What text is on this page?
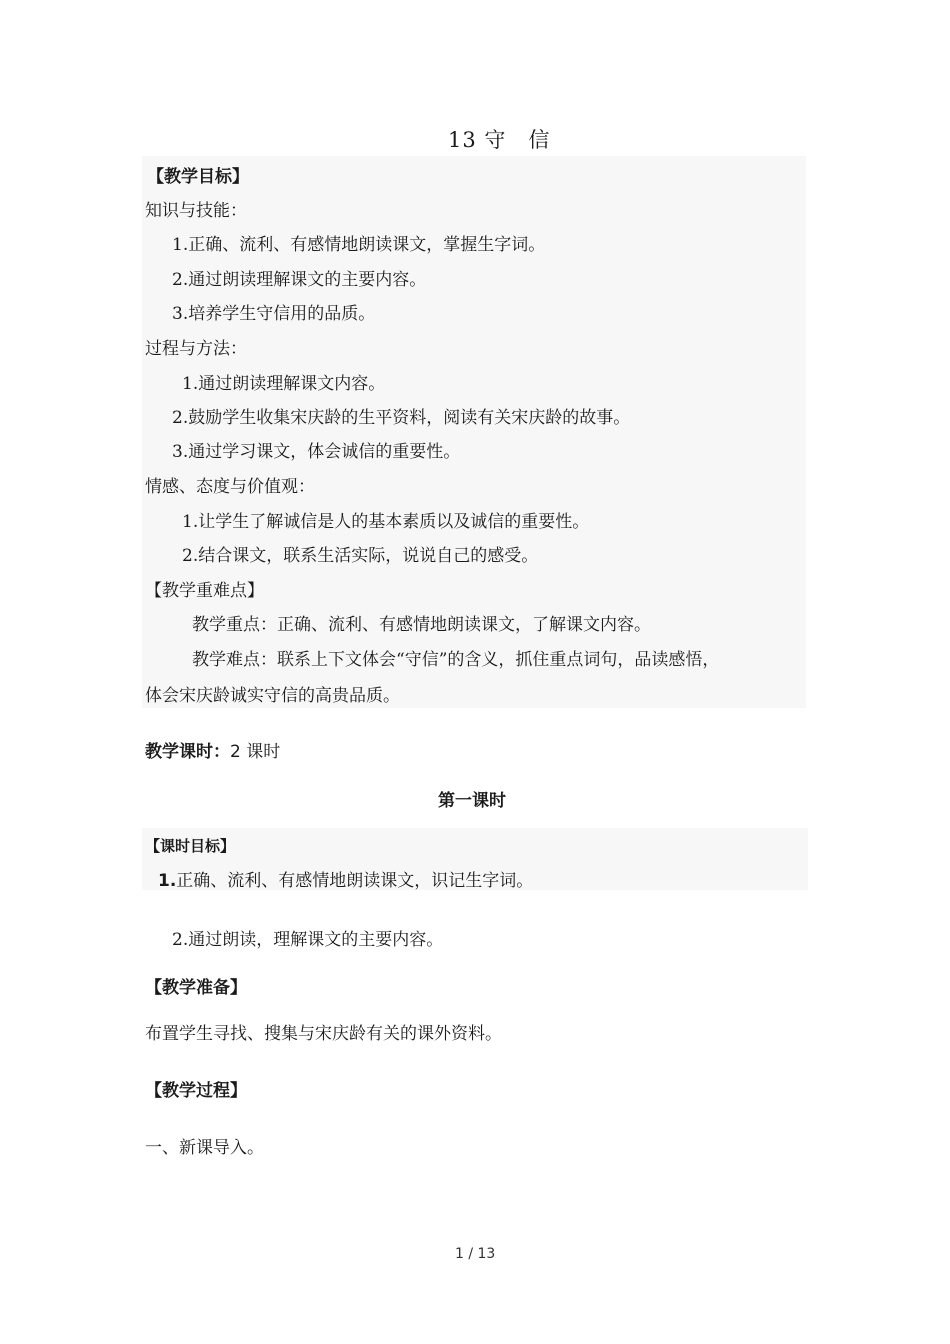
13 守　信
【教学目标】
知识与技能：
1.正确、流利、有感情地朗读课文，掌握生字词。
2.通过朗读理解课文的主要内容。
3.培养学生守信用的品质。
过程与方法：
1.通过朗读理解课文内容。
2.鼓励学生收集宋庆龄的生平资料，阅读有关宋庆龄的故事。
3.通过学习课文，体会诚信的重要性。
情感、态度与价值观：
1.让学生了解诚信是人的基本素质以及诚信的重要性。
2.结合课文，联系生活实际，说说自己的感受。
【教学重难点】
教学重点：正确、流利、有感情地朗读课文，了解课文内容。
教学难点：联系上下文体会“守信”的含义，抓住重点词句，品读感悟，
体会宋庆龄诚实守信的高贵品质。
教学课时：2 课时
第一课时
【课时目标】
1.正确、流利、有感情地朗读课文，识记生字词。
2.通过朗读，理解课文的主要内容。
【教学准备】
布置学生寻找、搜集与宋庆龄有关的课外资料。
【教学过程】
一、新课导入。
1 / 13
